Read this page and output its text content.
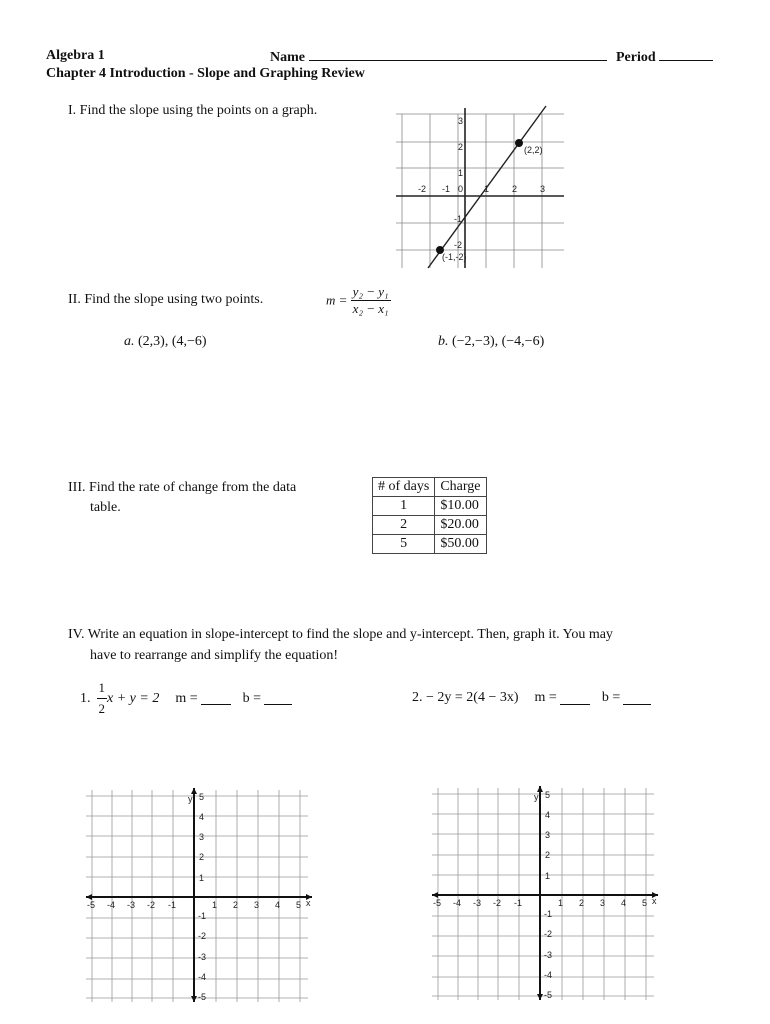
Algebra 1	Name	Period
Chapter 4 Introduction - Slope and Graphing Review
I. Find the slope using the points on a graph.
-2 -1 0 1	2	3
3
2
1
-1
-2
(2,2)
(-1,-2)
II. Find the slope using two points.	$m = \frac{\text{y₂ − y₁}}{\text{x₂ − x₁}}$
a. (2,3), (4,−6)	b. (−2,−3), (−4,−6)
III. Find the rate of change from the data
table.
# of days	Charge
1	$10.00
2	$20.00
5	$50.00
IV. Write an equation in slope-intercept to find the slope and y-intercept. Then, graph it. You may
have to rearrange and simplify the equation!
1. $\frac{1}{2}$ x + y = 2 m =	b =	2. − 2y = 2(4 − 3x) m =	b =
y
x
1
2
3
4
5
-1
-2
-3
-4
-5
1 2 3 4 5
-1
-2
-3
-4
-5
y
x
1
2
3
4
5
-1
-2
-3
-4
-5
1 2 3 4 5
-1
-2
-3
-4
-5
